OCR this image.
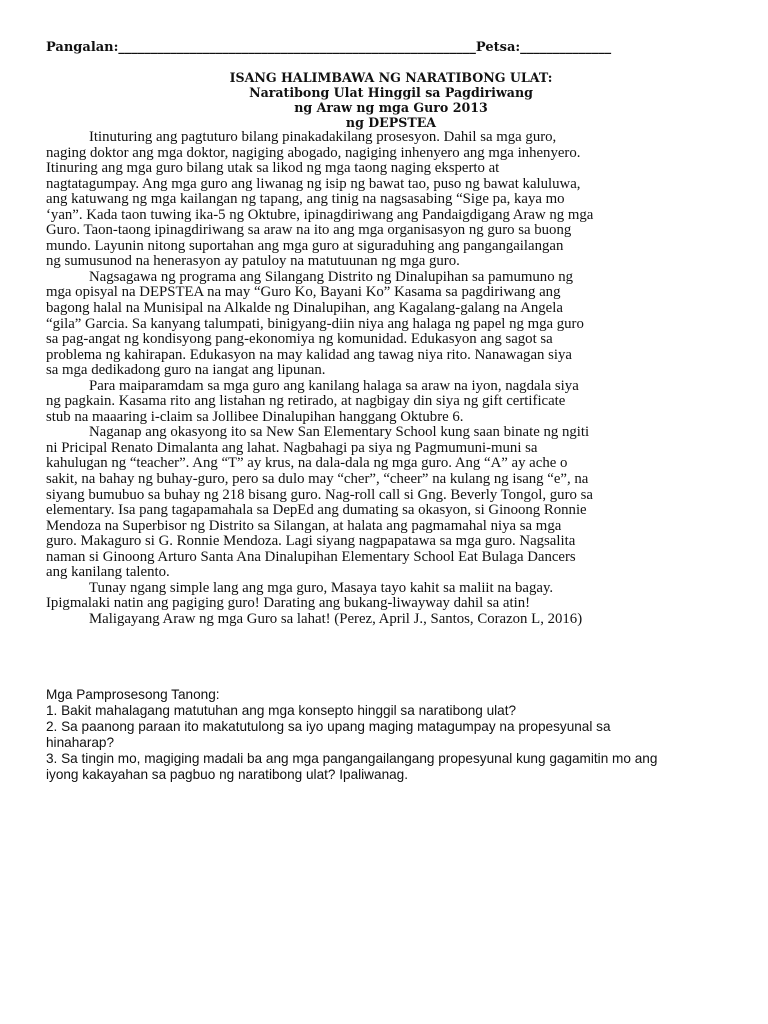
Pangalan:_______________________________________________________Petsa:______________
ISANG HALIMBAWA NG NARATIBONG ULAT:
Naratibong Ulat Hinggil sa Pagdiriwang
ng Araw ng mga Guro 2013
ng DEPSTEA
Itinuturing ang pagtuturo bilang pinakadakilang prosesyon. Dahil sa mga guro,
naging doktor ang mga doktor, nagiging abogado, nagiging inhenyero ang mga inhenyero.
Itinuring ang mga guro bilang utak sa likod ng mga taong naging eksperto at
nagtatagumpay. Ang mga guro ang liwanag ng isip ng bawat tao, puso ng bawat kaluluwa,
ang katuwang ng mga kailangan ng tapang, ang tinig na nagsasabing “Sige pa, kaya mo
‘yan”. Kada taon tuwing ika-5 ng Oktubre, ipinagdiriwang ang Pandaigdigang Araw ng mga
Guro. Taon-taong ipinagdiriwang sa araw na ito ang mga organisasyon ng guro sa buong
mundo. Layunin nitong suportahan ang mga guro at siguraduhing ang pangangailangan
ng sumusunod na henerasyon ay patuloy na matutuunan ng mga guro.
Nagsagawa ng programa ang Silangang Distrito ng Dinalupihan sa pamumuno ng
mga opisyal na DEPSTEA na may “Guro Ko, Bayani Ko” Kasama sa pagdiriwang ang
bagong halal na Munisipal na Alkalde ng Dinalupihan, ang Kagalang-galang na Angela
“gila” Garcia. Sa kanyang talumpati, binigyang-diin niya ang halaga ng papel ng mga guro
sa pag-angat ng kondisyong pang-ekonomiya ng komunidad. Edukasyon ang sagot sa
problema ng kahirapan. Edukasyon na may kalidad ang tawag niya rito. Nanawagan siya
sa mga dedikadong guro na iangat ang lipunan.
Para maiparamdam sa mga guro ang kanilang halaga sa araw na iyon, nagdala siya
ng pagkain. Kasama rito ang listahan ng retirado, at nagbigay din siya ng gift certificate
stub na maaaring i-claim sa Jollibee Dinalupihan hanggang Oktubre 6.
Naganap ang okasyong ito sa New San Elementary School kung saan binate ng ngiti
ni Pricipal Renato Dimalanta ang lahat. Nagbahagi pa siya ng Pagmumuni-muni sa
kahulugan ng “teacher”. Ang “T” ay krus, na dala-dala ng mga guro. Ang “A” ay ache o
sakit, na bahay ng buhay-guro, pero sa dulo may “cher”, “cheer” na kulang ng isang “e”, na
siyang bumubuo sa buhay ng 218 bisang guro. Nag-roll call si Gng. Beverly Tongol, guro sa
elementary. Isa pang tagapamahala sa DepEd ang dumating sa okasyon, si Ginoong Ronnie
Mendoza na Superbisor ng Distrito sa Silangan, at halata ang pagmamahal niya sa mga
guro. Makaguro si G. Ronnie Mendoza. Lagi siyang nagpapatawa sa mga guro. Nagsalita
naman si Ginoong Arturo Santa Ana Dinalupihan Elementary School Eat Bulaga Dancers
ang kanilang talento.
Tunay ngang simple lang ang mga guro, Masaya tayo kahit sa maliit na bagay.
Ipigmalaki natin ang pagiging guro! Darating ang bukang-liwayway dahil sa atin!
Maligayang Araw ng mga Guro sa lahat! (Perez, April J., Santos, Corazon L, 2016)
Mga Pamprosesong Tanong:
1. Bakit mahalagang matutuhan ang mga konsepto hinggil sa naratibong ulat?
2. Sa paanong paraan ito makatutulong sa iyo upang maging matagumpay na propesyunal sa
hinaharap?
3. Sa tingin mo, magiging madali ba ang mga pangangailangang propesyunal kung gagamitin mo ang
iyong kakayahan sa pagbuo ng naratibong ulat? Ipaliwanag.
